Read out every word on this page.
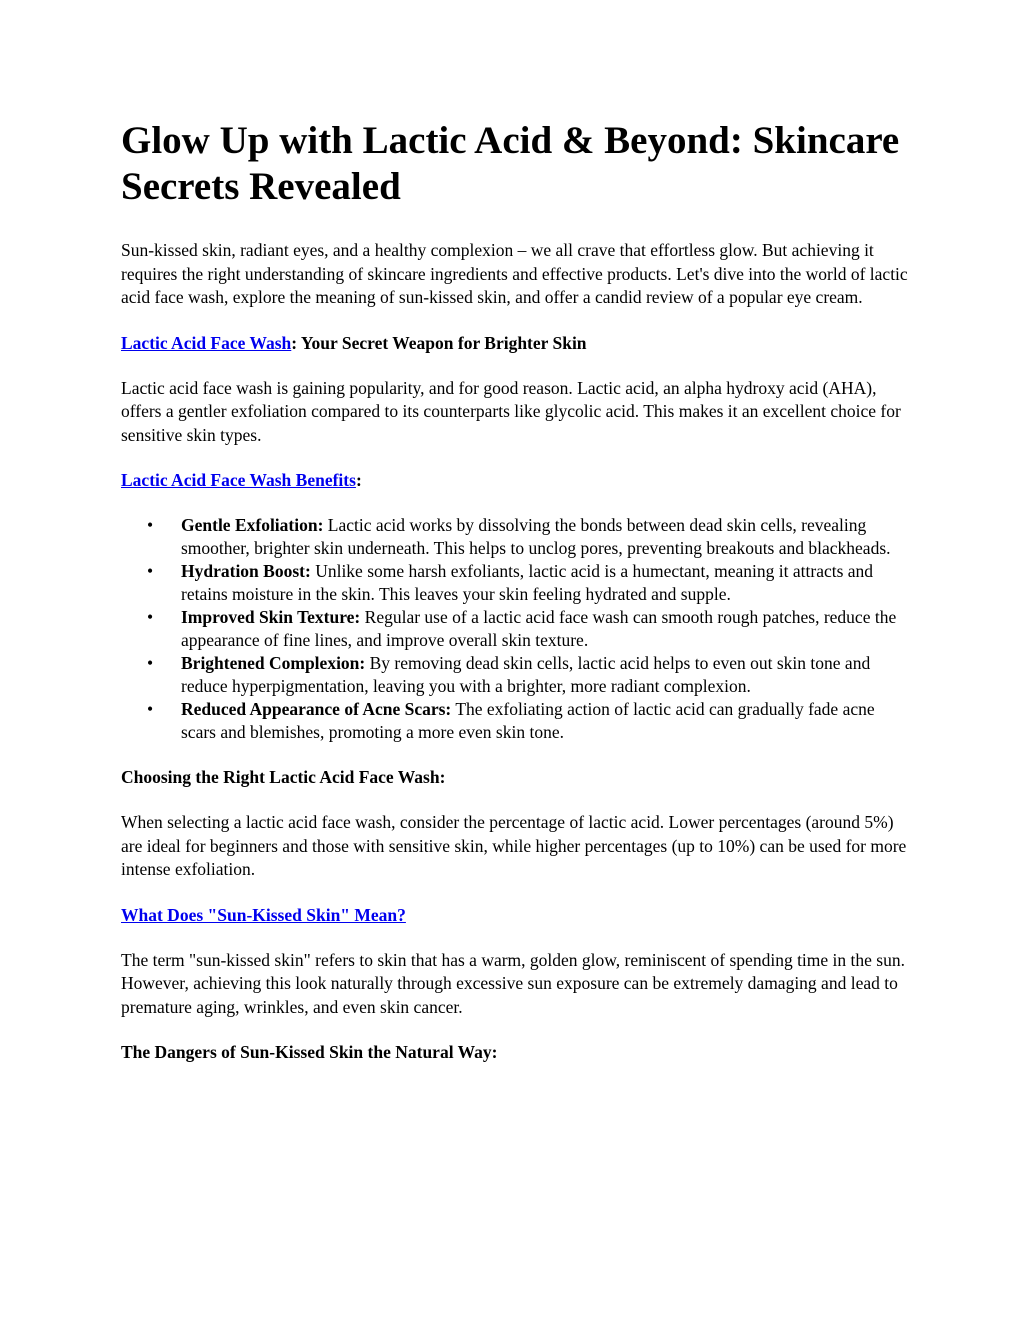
Glow Up with Lactic Acid & Beyond: Skincare Secrets Revealed

Sun-kissed skin, radiant eyes, and a healthy complexion – we all crave that effortless glow. But achieving it requires the right understanding of skincare ingredients and effective products. Let's dive into the world of lactic acid face wash, explore the meaning of sun-kissed skin, and offer a candid review of a popular eye cream.

Lactic Acid Face Wash: Your Secret Weapon for Brighter Skin

Lactic acid face wash is gaining popularity, and for good reason. Lactic acid, an alpha hydroxy acid (AHA), offers a gentler exfoliation compared to its counterparts like glycolic acid. This makes it an excellent choice for sensitive skin types.

Lactic Acid Face Wash Benefits:
• Gentle Exfoliation: Lactic acid works by dissolving the bonds between dead skin cells, revealing smoother, brighter skin underneath. This helps to unclog pores, preventing breakouts and blackheads.
• Hydration Boost: Unlike some harsh exfoliants, lactic acid is a humectant, meaning it attracts and retains moisture in the skin. This leaves your skin feeling hydrated and supple.
• Improved Skin Texture: Regular use of a lactic acid face wash can smooth rough patches, reduce the appearance of fine lines, and improve overall skin texture.
• Brightened Complexion: By removing dead skin cells, lactic acid helps to even out skin tone and reduce hyperpigmentation, leaving you with a brighter, more radiant complexion.
• Reduced Appearance of Acne Scars: The exfoliating action of lactic acid can gradually fade acne scars and blemishes, promoting a more even skin tone.
Choosing the Right Lactic Acid Face Wash:

When selecting a lactic acid face wash, consider the percentage of lactic acid. Lower percentages (around 5%) are ideal for beginners and those with sensitive skin, while higher percentages (up to 10%) can be used for more intense exfoliation.

What Does "Sun-Kissed Skin" Mean?

The term "sun-kissed skin" refers to skin that has a warm, golden glow, reminiscent of spending time in the sun. However, achieving this look naturally through excessive sun exposure can be extremely damaging and lead to premature aging, wrinkles, and even skin cancer.

The Dangers of Sun-Kissed Skin the Natural Way:
